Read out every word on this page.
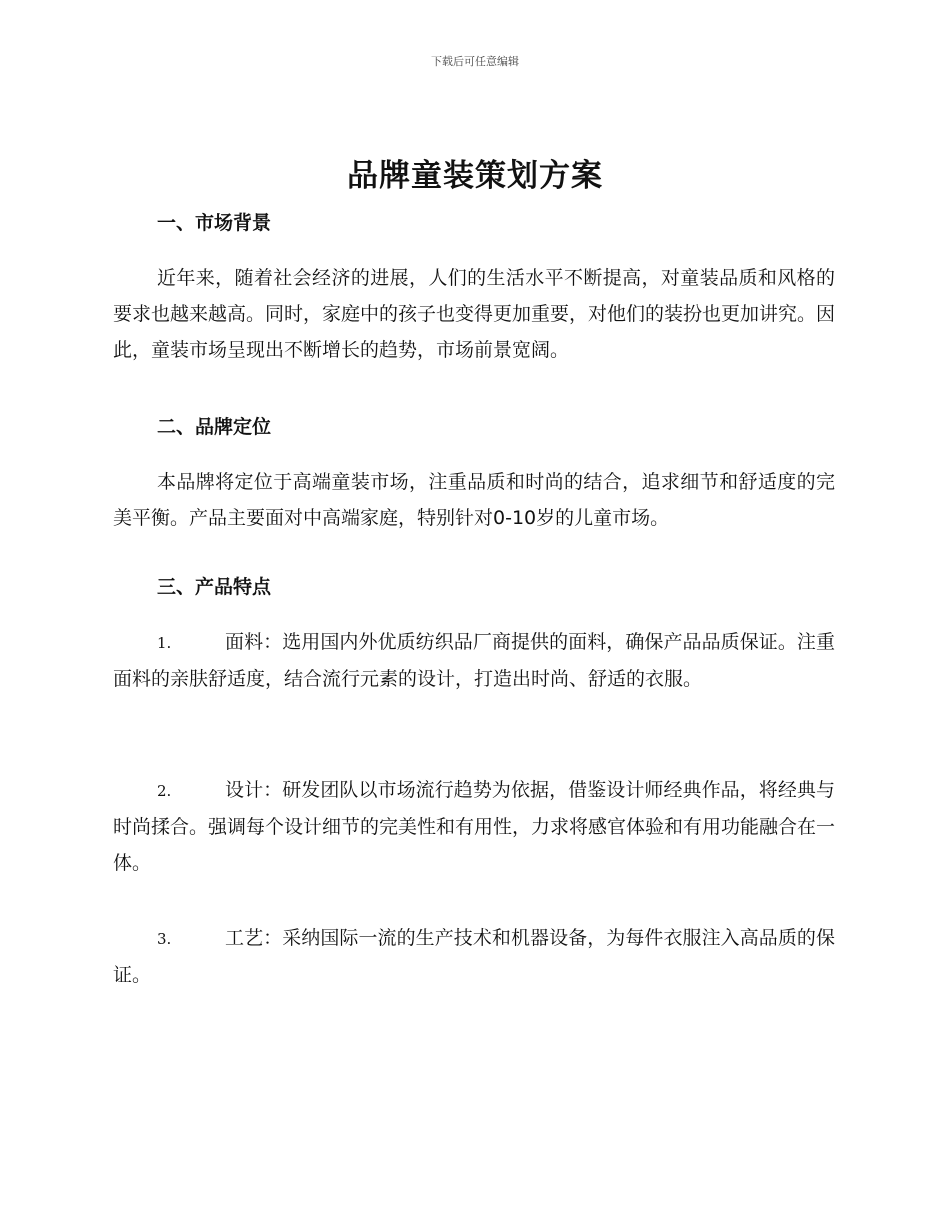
下载后可任意编辑
品牌童装策划方案
一、市场背景
近年来，随着社会经济的进展，人们的生活水平不断提高，对童装品质和风格的要求也越来越高。同时，家庭中的孩子也变得更加重要，对他们的装扮也更加讲究。因此，童装市场呈现出不断增长的趋势，市场前景宽阔。
二、品牌定位
本品牌将定位于高端童装市场，注重品质和时尚的结合，追求细节和舒适度的完美平衡。产品主要面对中高端家庭，特别针对0-10岁的儿童市场。
三、产品特点
1.	面料：选用国内外优质纺织品厂商提供的面料，确保产品品质保证。注重面料的亲肤舒适度，结合流行元素的设计，打造出时尚、舒适的衣服。
2.	设计：研发团队以市场流行趋势为依据，借鉴设计师经典作品，将经典与时尚揉合。强调每个设计细节的完美性和有用性，力求将感官体验和有用功能融合在一体。
3.	工艺：采纳国际一流的生产技术和机器设备，为每件衣服注入高品质的保证。
